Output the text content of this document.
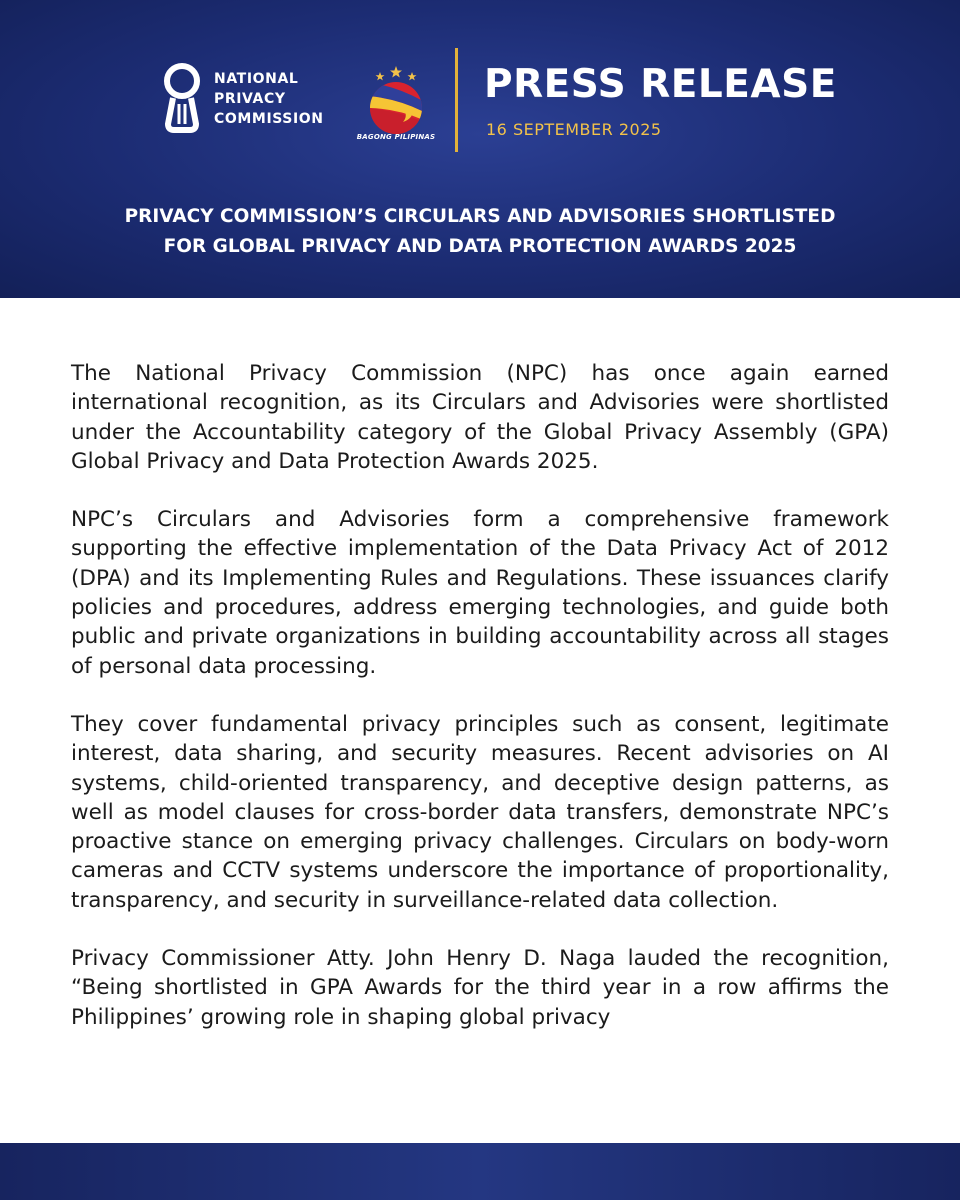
NATIONAL
PRIVACY
COMMISSION
BAGONG PILIPINAS
PRESS RELEASE
16 SEPTEMBER 2025
PRIVACY COMMISSION’S CIRCULARS AND ADVISORIES SHORTLISTED
FOR GLOBAL PRIVACY AND DATA PROTECTION AWARDS 2025

The National Privacy Commission (NPC) has once again earned international recognition, as its Circulars and Advisories were shortlisted under the Accountability category of the Global Privacy Assembly (GPA) Global Privacy and Data Protection Awards 2025.

NPC’s Circulars and Advisories form a comprehensive framework supporting the effective implementation of the Data Privacy Act of 2012 (DPA) and its Implementing Rules and Regulations. These issuances clarify policies and procedures, address emerging technologies, and guide both public and private organizations in building accountability across all stages of personal data processing.

They cover fundamental privacy principles such as consent, legitimate interest, data sharing, and security measures. Recent advisories on AI systems, child-oriented transparency, and deceptive design patterns, as well as model clauses for cross-border data transfers, demonstrate NPC’s proactive stance on emerging privacy challenges. Circulars on body-worn cameras and CCTV systems underscore the importance of proportionality, transparency, and security in surveillance-related data collection.

Privacy Commissioner Atty. John Henry D. Naga lauded the recognition, “Being shortlisted in GPA Awards for the third year in a row affirms the Philippines’ growing role in shaping global privacy
